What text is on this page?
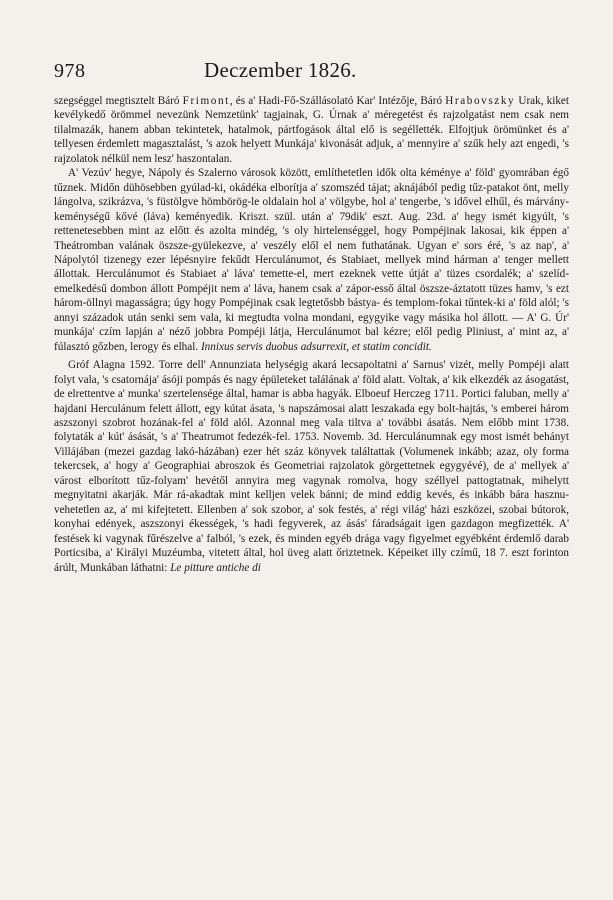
978	Deczember 1826.

szegséggel megtisztelt Báró Frimont, és a' Hadi-Fő-Szállásolató Kar' Intézője, Báró Hrabovszky Urak, kiket kevélykedő örömmel nevezünk Nemzetünk' tagjainak, G. Úrnak a' méregetést és rajzolgatást nem csak nem tilalmazák, hanem abban tekintetek, hatalmok, pártfogások által elő is segéllették. Elfojtjuk örömünket és a' tellyesen érdemlett magasztalást, 's azok helyett Munkája' kivonását adjuk, a' mennyire a' szűk hely azt engedi, 's rajzolatok nélkül nem lesz' haszontalan.

A' Vezúv' hegye, Nápoly és Szalerno városok között, említhetetlen idők olta kéménye a' föld' gyomrában égő tűznek. Midőn dühösebben gyúlad-ki, okádéka elborítja a' szomszéd tájat; aknájából pedig tűz-patakot önt, melly lángolva, szikrázva, 's füstölgve hömbörög-le oldalain hol a' völgybe, hol a' tengerbe, 's idővel elhűl, és márvány-keménységű kővé (láva) keményedik. Kriszt. szül. után a' 79dik' eszt. Aug. 23d. a' hegy ismét kigyúlt, 's rettenetesebben mint az előtt és azolta mindég, 's oly hirtelenséggel, hogy Pompéjinak lakosai, kik éppen a' Theátromban valának öszsze-gyülekezve, a' veszély elől el nem futhatának. Ugyan e' sors éré, 's az nap', a' Nápolytól tizenegy ezer lépésnyire fekűdt Herculánumot, és Stabiaet, mellyek mind hárman a' tenger mellett állottak. Herculánumot és Stabiaet a' láva' temette-el, mert ezeknek vette útját a' tüzes csordalék; a' szelíd-emelkedésű dombon állott Pompéjit nem a' láva, hanem csak a' zápor-esső által öszsze-áztatott tüzes hamv, 's ezt három-öllnyi magasságra; úgy hogy Pompéjinak csak legtetősbb bástya- és templom-fokai tűntek-ki a' föld alól; 's annyi századok után senki sem vala, ki megtudta volna mondani, egygyike vagy másika hol állott. — A' G. Úr' munkája' czím lapján a' néző jobbra Pompéji látja, Herculánumot bal kézre; elől pedig Pliniust, a' mint az, a' fúlasztó gőzben, lerogy és elhal. Innixus servis duobus adsurrexit, et statim concidit.

Gróf Alagna 1592. Torre dell' Annunziata helységig akará lecsapoltatni a' Sarnus' vizét, melly Pompéji alatt folyt vala, 's csatornája' ásóji pompás és nagy épületeket találának a' föld alatt. Voltak, a' kik elkezdék az ásogatást, de elrettentve a' munka' szertelensége által, hamar is abba hagyák. Elboeuf Herczeg 1711. Portici faluban, melly a' hajdani Herculánum felett állott, egy kútat ásata, 's napszámosai alatt leszakada egy bolt-hajtás, 's emberei három aszszonyi szobrot hozának-fel a' föld alól. Azonnal meg vala tiltva a' további ásatás. Nem előbb mint 1738. folytaták a' kút' ásását, 's a' Theatrumot fedezék-fel. 1753. Novemb. 3d. Herculánumnak egy most ismét behányt Villájában (mezei gazdag lakó-házában) ezer hét száz könyvek találtattak (Volumenek inkább; azaz, oly forma tekercsek, a' hogy a' Geographiai abroszok és Geometriai rajzolatok görgettetnek egygyévé), de a' mellyek a' várost elborított tűz-folyam' hevétől annyira meg vagynak romolva, hogy széllyel pattogtatnak, mihelytt megnyitatni akarják. Már rá-akadtak mint kelljen velek bánni; de mind eddig kevés, és inkább bára hasznu-vehetetlen az, a' mi kifejtetett. Ellenben a' sok szobor, a' sok festés, a' régi világ' házi eszközei, szobai bútorok, konyhai edények, aszszonyi ékességek, 's hadi fegyverek, az ásás' fáradságait igen gazdagon megfizették. A' festések ki vagynak fűrészelve a' falból, 's ezek, és minden egyéb drága vagy figyelmet egyébként érdemlő darab Porticsiba, a' Királyi Muzéumba, vitetett által, hol üveg alatt őriztetnek. Képeiket illy czímű, 18 7. eszt forinton árúlt, Munkában láthatni: Le pitture antiche di
